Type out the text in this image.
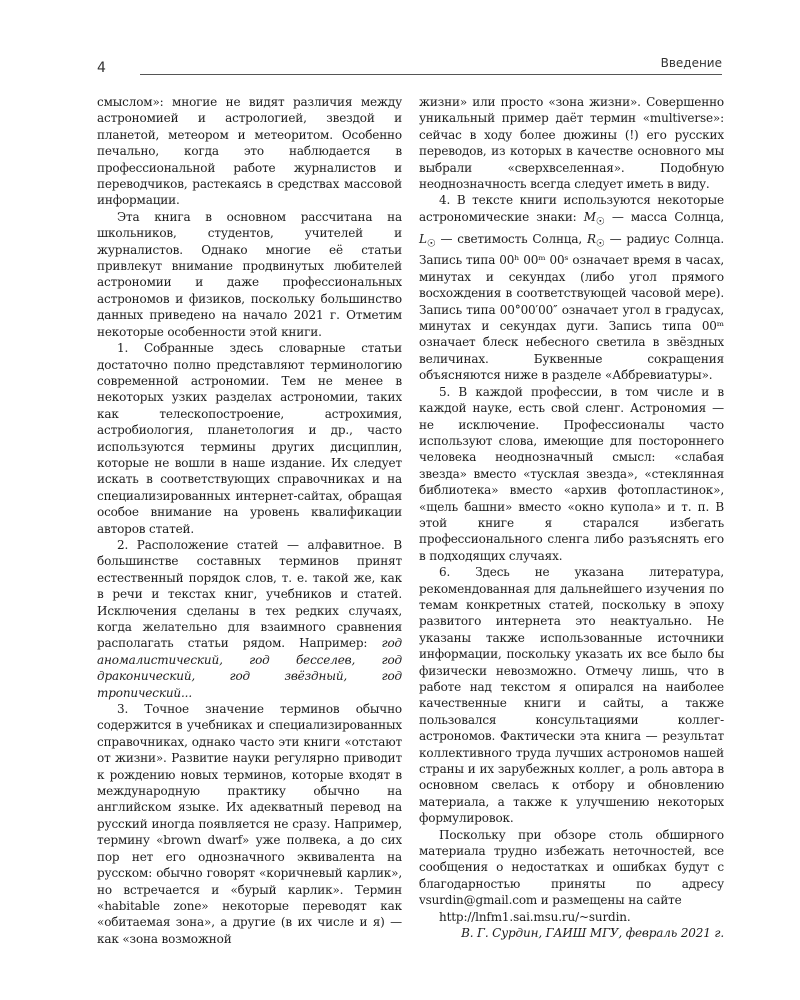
4	Введение

смыслом»: многие не видят различия между астрономией и астрологией, звездой и планетой, метеором и метеоритом. Особенно печально, когда это наблюдается в профессиональной работе журналистов и переводчиков, растекаясь в средствах массовой информации.

Эта книга в основном рассчитана на школьников, студентов, учителей и журналистов. Однако многие её статьи привлекут внимание продвинутых любителей астрономии и даже профессиональных астрономов и физиков, поскольку большинство данных приведено на начало 2021 г. Отметим некоторые особенности этой книги.

1. Собранные здесь словарные статьи достаточно полно представляют терминологию современной астрономии. Тем не менее в некоторых узких разделах астрономии, таких как телескопостроение, астрохимия, астробиология, планетология и др., часто используются термины других дисциплин, которые не вошли в наше издание. Их следует искать в соответствующих справочниках и на специализированных интернет-сайтах, обращая особое внимание на уровень квалификации авторов статей.

2. Расположение статей — алфавитное. В большинстве составных терминов принят естественный порядок слов, т. е. такой же, как в речи и текстах книг, учебников и статей. Исключения сделаны в тех редких случаях, когда желательно для взаимного сравнения располагать статьи рядом. Например: год аномалистический, год бесселев, год драконический, год звёздный, год тропический...

3. Точное значение терминов обычно содержится в учебниках и специализированных справочниках, однако часто эти книги «отстают от жизни». Развитие науки регулярно приводит к рождению новых терминов, которые входят в международную практику обычно на английском языке. Их адекватный перевод на русский иногда появляется не сразу. Например, термину «brown dwarf» уже полвека, а до сих пор нет его однозначного эквивалента на русском: обычно говорят «коричневый карлик», но встречается и «бурый карлик». Термин «habitable zone» некоторые переводят как «обитаемая зона», а другие (в их числе и я) — как «зона возможной

жизни» или просто «зона жизни». Совершенно уникальный пример даёт термин «multiverse»: сейчас в ходу более дюжины (!) его русских переводов, из которых в качестве основного мы выбрали «сверхвселенная». Подобную неоднозначность всегда следует иметь в виду.

4. В тексте книги используются некоторые астрономические знаки: $M_☉$ — масса Солнца, $L_☉$ — светимость Солнца, $R_☉$ — радиус Солнца. Запись типа 00ʰ 00ᵐ 00ˢ означает время в часах, минутах и секундах (либо угол прямого восхождения в соответствующей часовой мере). Запись типа 00°00′00″ означает угол в градусах, минутах и секундах дуги. Запись типа 00ᵐ означает блеск небесного светила в звёздных величинах. Буквенные сокращения объясняются ниже в разделе «Аббревиатуры».

5. В каждой профессии, в том числе и в каждой науке, есть свой сленг. Астрономия — не исключение. Профессионалы часто используют слова, имеющие для постороннего человека неоднозначный смысл: «слабая звезда» вместо «тусклая звезда», «стеклянная библиотека» вместо «архив фотопластинок», «щель башни» вместо «окно купола» и т. п. В этой книге я старался избегать профессионального сленга либо разъяснять его в подходящих случаях.

6. Здесь не указана литература, рекомендованная для дальнейшего изучения по темам конкретных статей, поскольку в эпоху развитого интернета это неактуально. Не указаны также использованные источники информации, поскольку указать их все было бы физически невозможно. Отмечу лишь, что в работе над текстом я опирался на наиболее качественные книги и сайты, а также пользовался консультациями коллег-астрономов. Фактически эта книга — результат коллективного труда лучших астрономов нашей страны и их зарубежных коллег, а роль автора в основном свелась к отбору и обновлению материала, а также к улучшению некоторых формулировок.

Поскольку при обзоре столь обширного материала трудно избежать неточностей, все сообщения о недостатках и ошибках будут с благодарностью приняты по адресу vsurdin@gmail.com и размещены на сайте

http://lnfm1.sai.msu.ru/~surdin.

В. Г. Сурдин, ГАИШ МГУ, февраль 2021 г.
